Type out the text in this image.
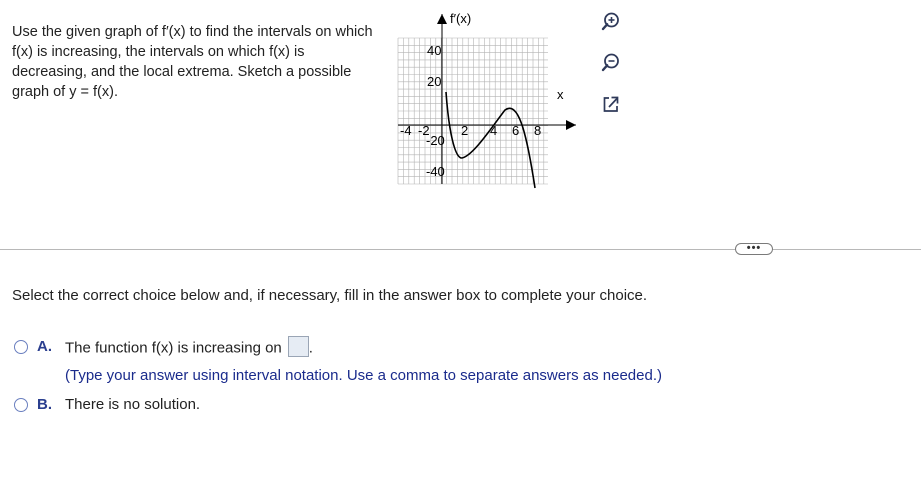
Use the given graph of f′(x) to find the intervals on which f(x) is increasing, the intervals on which f(x) is decreasing, and the local extrema. Sketch a possible graph of y = f(x).
f′(x)
x
40
20
-20
-40
-4 -2 2 4 6 8
•••
Select the correct choice below and, if necessary, fill in the answer box to complete your choice.
A. The function f(x) is increasing on .
(Type your answer using interval notation. Use a comma to separate answers as needed.)
B. There is no solution.
